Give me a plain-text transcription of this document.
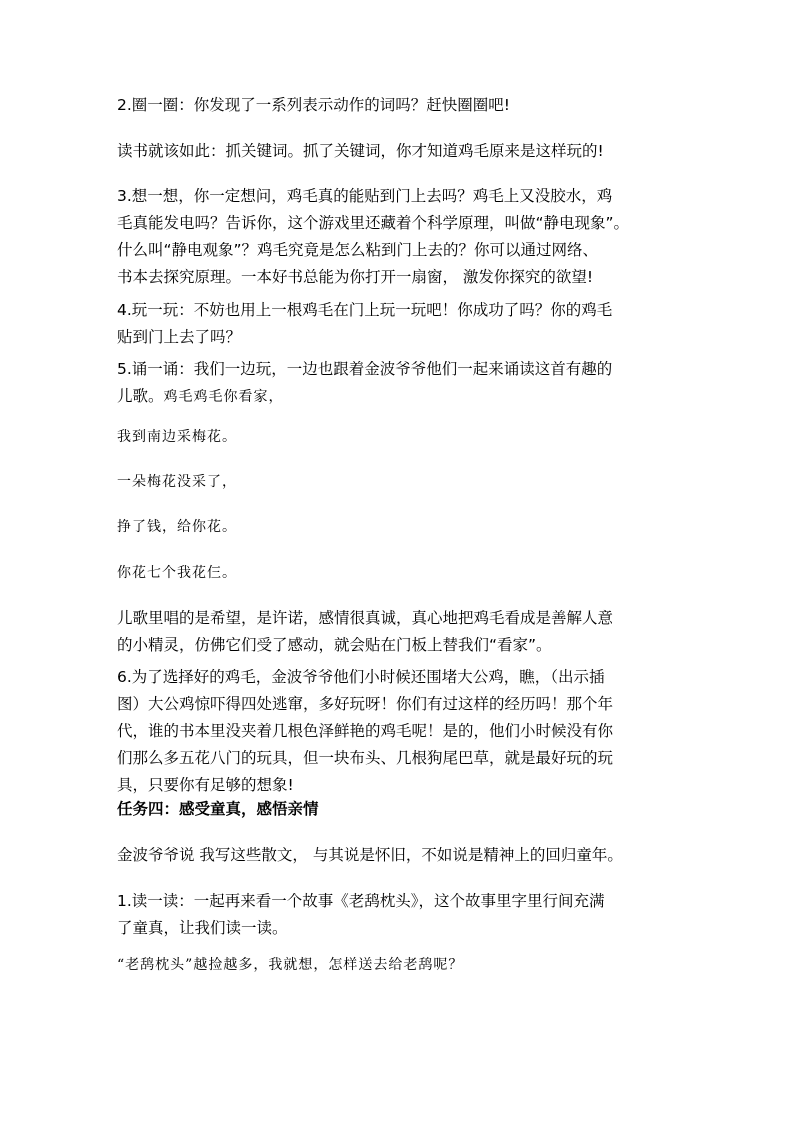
2.圈一圈：你发现了一系列表示动作的词吗？赶快圈圈吧!
读书就该如此：抓关键词。抓了关键词，你才知道鸡毛原来是这样玩的!
3.想一想，你一定想问，鸡毛真的能贴到门上去吗？鸡毛上又没胶水，鸡
毛真能发电吗？告诉你，这个游戏里还藏着个科学原理，叫做“静电现象”。
什么叫“静电观象”？鸡毛究竟是怎么粘到门上去的？你可以通过网络、
书本去探究原理。一本好书总能为你打开一扇窗， 激发你探究的欲望!
4.玩一玩：不妨也用上一根鸡毛在门上玩一玩吧！你成功了吗？你的鸡毛
贴到门上去了吗？
5.诵一诵：我们一边玩，一边也跟着金波爷爷他们一起来诵读这首有趣的
儿歌。鸡毛鸡毛你看家，
我到南边采梅花。
一朵梅花没采了，
挣了钱，给你花。
你花七个我花仨。
儿歌里唱的是希望，是许诺，感情很真诚，真心地把鸡毛看成是善解人意
的小精灵，仿佛它们受了感动，就会贴在门板上替我们“看家”。
6.为了选择好的鸡毛，金波爷爷他们小时候还围堵大公鸡，瞧，（出示插
图）大公鸡惊吓得四处逃窜，多好玩呀！你们有过这样的经历吗！那个年
代，谁的书本里没夹着几根色泽鲜艳的鸡毛呢！是的，他们小时候没有你
们那么多五花八门的玩具，但一块布头、几根狗尾巴草，就是最好玩的玩
具，只要你有足够的想象!
任务四：感受童真，感悟亲情
金波爷爷说 我写这些散文， 与其说是怀旧，不如说是精神上的回归童年。
1.读一读：一起再来看一个故事《老鸹枕头》，这个故事里字里行间充满
了童真，让我们读一读。
“老鸹枕头”越捡越多，我就想，怎样送去给老鸹呢？
